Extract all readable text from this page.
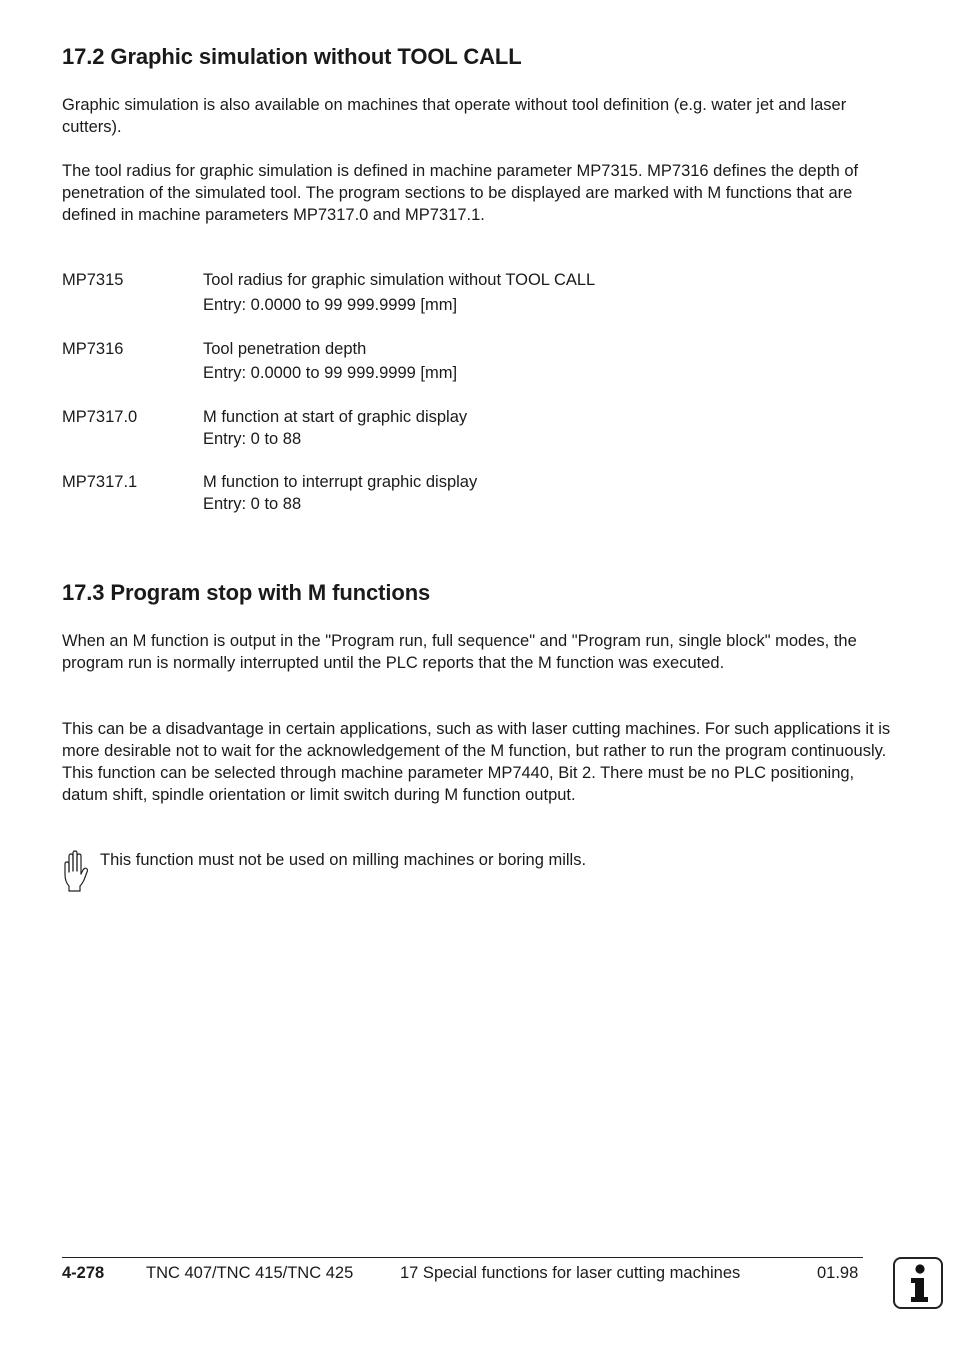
17.2 Graphic simulation without TOOL CALL

Graphic simulation is also available on machines that operate without tool definition (e.g. water jet and laser cutters).

The tool radius for graphic simulation is defined in machine parameter MP7315. MP7316 defines the depth of penetration of the simulated tool. The program sections to be displayed are marked with M functions that are defined in machine parameters MP7317.0 and MP7317.1.

MP7315	Tool radius for graphic simulation without TOOL CALL
Entry: 0.0000 to 99 999.9999 [mm]
MP7316	Tool penetration depth
Entry: 0.0000 to 99 999.9999 [mm]
MP7317.0	M function at start of graphic display
Entry: 0 to 88
MP7317.1	M function to interrupt graphic display
Entry: 0 to 88
17.3 Program stop with M functions

When an M function is output in the "Program run, full sequence" and "Program run, single block" modes, the program run is normally interrupted until the PLC reports that the M function was executed.

This can be a disadvantage in certain applications, such as with laser cutting machines. For such applications it is more desirable not to wait for the acknowledgement of the M function, but rather to run the program continuously. This function can be selected through machine parameter MP7440, Bit 2. There must be no PLC positioning, datum shift, spindle orientation or limit switch during M function output.

This function must not be used on milling machines or boring mills.
4-278	TNC 407/TNC 415/TNC 425	17 Special functions for laser cutting machines	01.98
